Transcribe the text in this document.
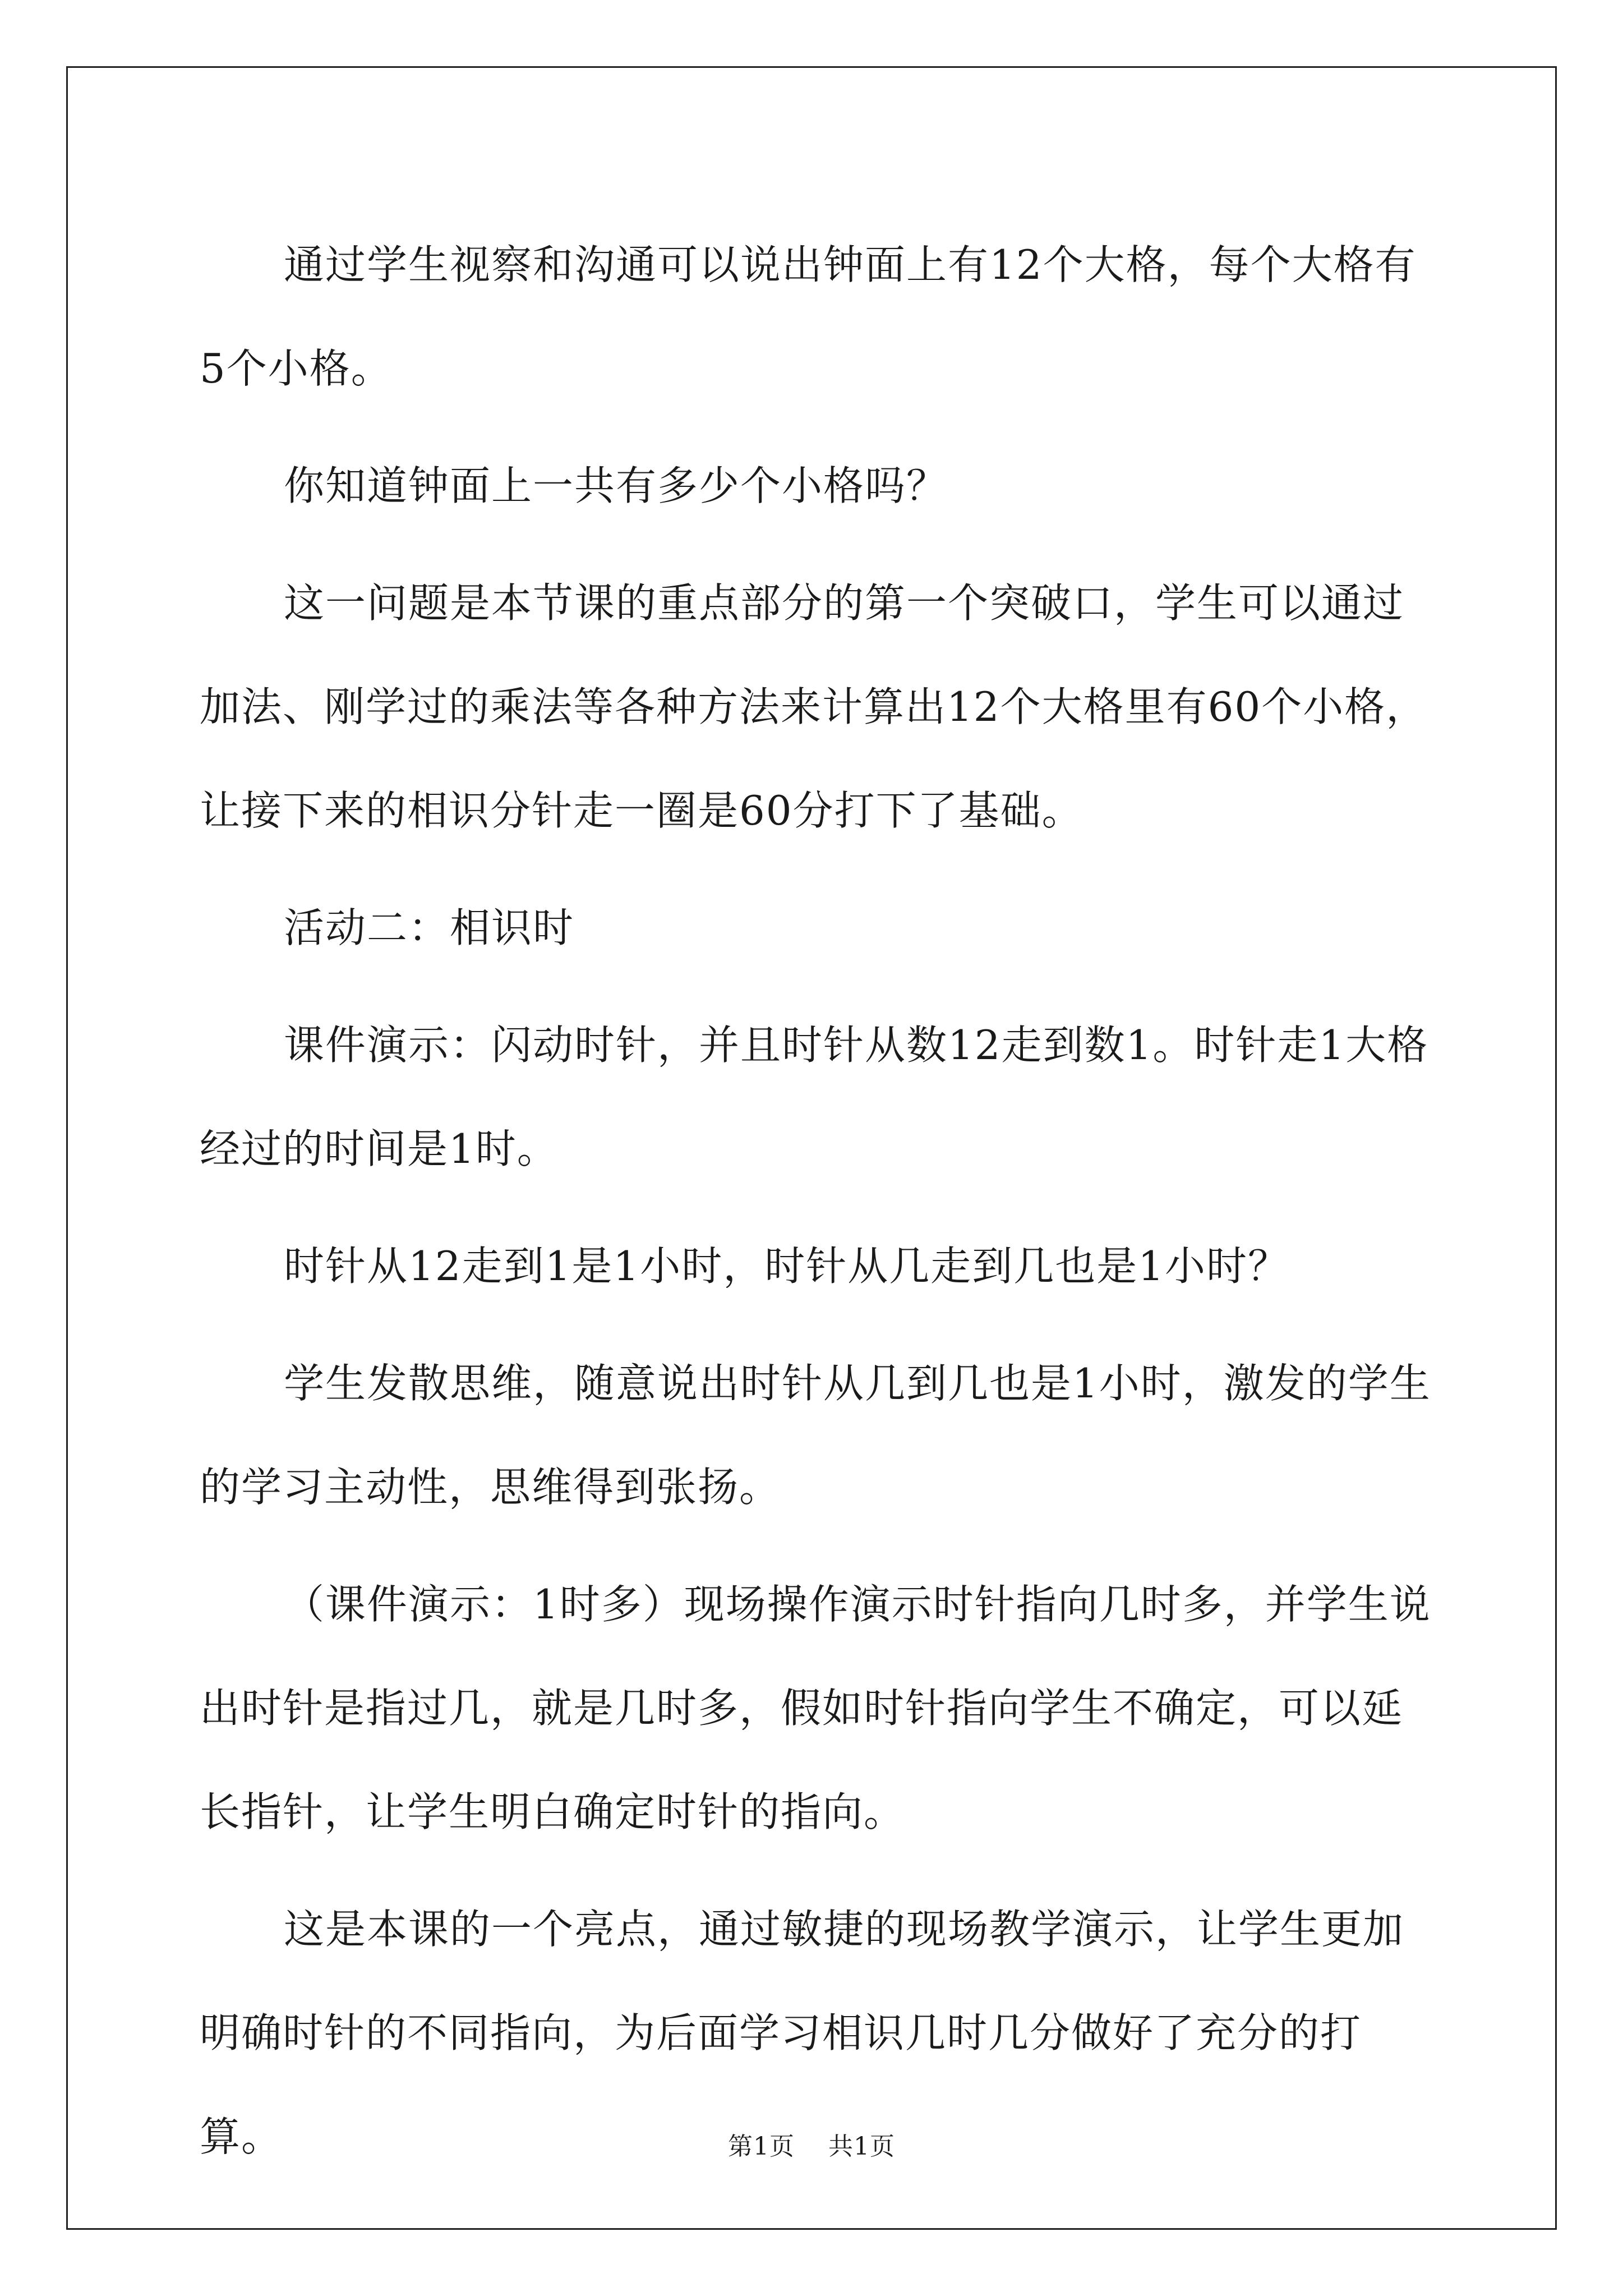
通过学生视察和沟通可以说出钟面上有12个大格，每个大格有5个小格。

你知道钟面上一共有多少个小格吗？

这一问题是本节课的重点部分的第一个突破口，学生可以通过加法、刚学过的乘法等各种方法来计算出12个大格里有60个小格，让接下来的相识分针走一圈是60分打下了基础。

活动二：相识时

课件演示：闪动时针，并且时针从数12走到数1。时针走1大格经过的时间是1时。

时针从12走到1是1小时，时针从几走到几也是1小时？

学生发散思维，随意说出时针从几到几也是1小时，激发的学生的学习主动性，思维得到张扬。

（课件演示：1时多）现场操作演示时针指向几时多，并学生说出时针是指过几，就是几时多，假如时针指向学生不确定，可以延长指针，让学生明白确定时针的指向。

这是本课的一个亮点，通过敏捷的现场教学演示，让学生更加明确时针的不同指向，为后面学习相识几时几分做好了充分的打算。	第1页 共1页
